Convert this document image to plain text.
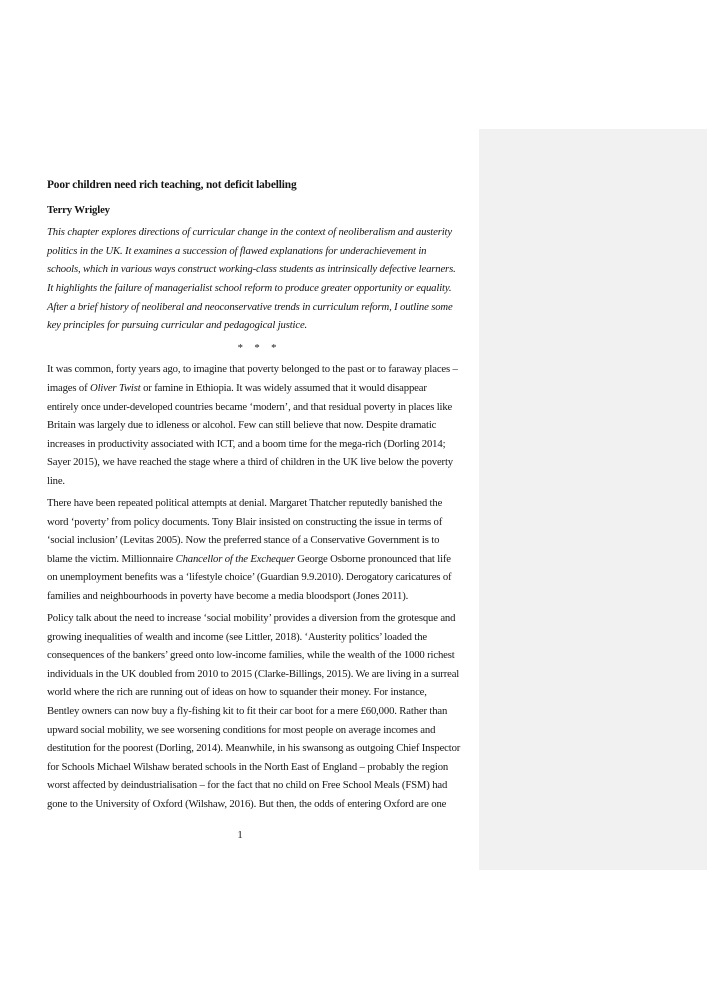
Poor children need rich teaching, not deficit labelling
Terry Wrigley
This chapter explores directions of curricular change in the context of neoliberalism and austerity
politics in the UK. It examines a succession of flawed explanations for underachievement in
schools, which in various ways construct working-class students as intrinsically defective learners.
It highlights the failure of managerialist school reform to produce greater opportunity or equality.
After a brief history of neoliberal and neoconservative trends in curriculum reform, I outline some
key principles for pursuing curricular and pedagogical justice.
* * *
It was common, forty years ago, to imagine that poverty belonged to the past or to faraway places –
images of Oliver Twist or famine in Ethiopia. It was widely assumed that it would disappear
entirely once under-developed countries became ‘modern’, and that residual poverty in places like
Britain was largely due to idleness or alcohol. Few can still believe that now. Despite dramatic
increases in productivity associated with ICT, and a boom time for the mega-rich (Dorling 2014;
Sayer 2015), we have reached the stage where a third of children in the UK live below the poverty
line.
There have been repeated political attempts at denial. Margaret Thatcher reputedly banished the
word ‘poverty’ from policy documents. Tony Blair insisted on constructing the issue in terms of
‘social inclusion’ (Levitas 2005). Now the preferred stance of a Conservative Government is to
blame the victim. Millionnaire Chancellor of the Exchequer George Osborne pronounced that life
on unemployment benefits was a ‘lifestyle choice’ (Guardian 9.9.2010). Derogatory caricatures of
families and neighbourhoods in poverty have become a media bloodsport (Jones 2011).
Policy talk about the need to increase ‘social mobility’ provides a diversion from the grotesque and
growing inequalities of wealth and income (see Littler, 2018). ‘Austerity politics’ loaded the
consequences of the bankers’ greed onto low-income families, while the wealth of the 1000 richest
individuals in the UK doubled from 2010 to 2015 (Clarke-Billings, 2015). We are living in a surreal
world where the rich are running out of ideas on how to squander their money. For instance,
Bentley owners can now buy a fly-fishing kit to fit their car boot for a mere £60,000. Rather than
upward social mobility, we see worsening conditions for most people on average incomes and
destitution for the poorest (Dorling, 2014). Meanwhile, in his swansong as outgoing Chief Inspector
for Schools Michael Wilshaw berated schools in the North East of England – probably the region
worst affected by deindustrialisation – for the fact that no child on Free School Meals (FSM) had
gone to the University of Oxford (Wilshaw, 2016). But then, the odds of entering Oxford are one
1
